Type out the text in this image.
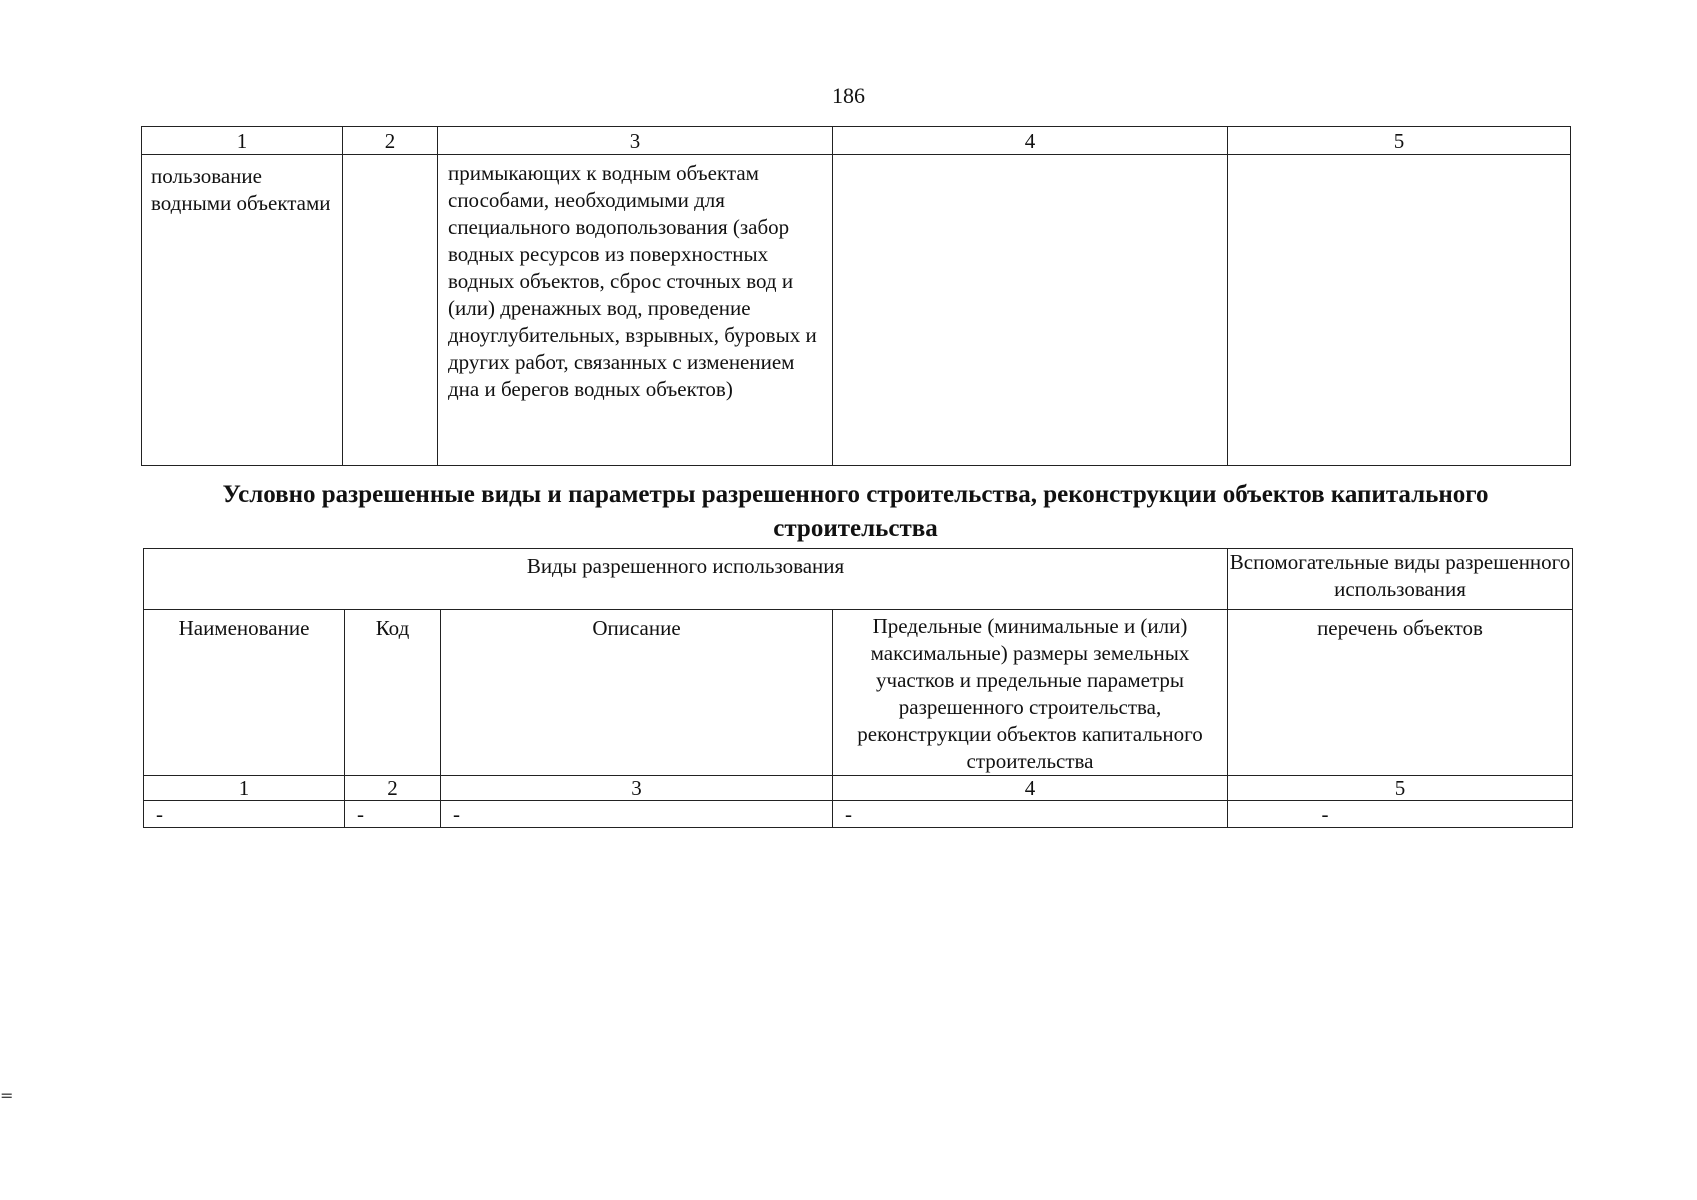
186
1	2	3	4	5
пользование водными объектами		примыкающих к водным объектам способами, необходимыми для специального водопользования (забор водных ресурсов из поверхностных водных объектов, сброс сточных вод и (или) дренажных вод, проведение дноуглубительных, взрывных, буровых и других работ, связанных с изменением дна и берегов водных объектов)		
Условно разрешенные виды и параметры разрешенного строительства, реконструкции объектов капитального строительства
Виды разрешенного использования				Вспомогательные виды разрешенного использования
Наименование	Код	Описание	Предельные (минимальные и (или) максимальные) размеры земельных участков и предельные параметры разрешенного строительства, реконструкции объектов капитального строительства	перечень объектов
1	2	3	4	5
-	-	-	-	-
=
